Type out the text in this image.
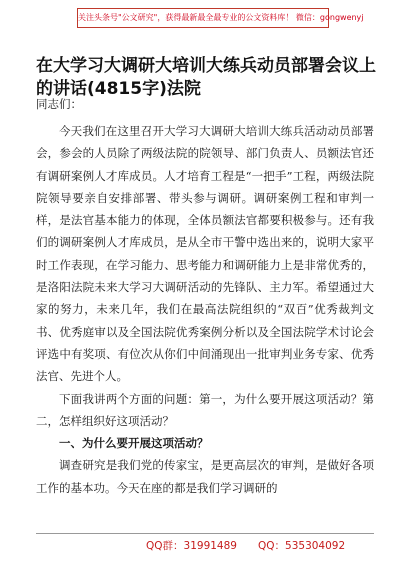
关注头条号"公文研究"，获得最新最全最专业的公文资料库！ 微信：gongwenyj
在大学习大调研大培训大练兵动员部署会议上的讲话(4815字)法院
同志们：

今天我们在这里召开大学习大调研大培训大练兵活动动员部署会，参会的人员除了两级法院的院领导、部门负责人、员额法官还有调研案例人才库成员。人才培育工程是“一把手”工程，两级法院院领导要亲自安排部署、带头参与调研。调研案例工程和审判一样，是法官基本能力的体现，全体员额法官都要积极参与。还有我们的调研案例人才库成员，是从全市干警中选出来的，说明大家平时工作表现，在学习能力、思考能力和调研能力上是非常优秀的，是洛阳法院未来大学习大调研活动的先锋队、主力军。希望通过大家的努力，未来几年，我们在最高法院组织的“双百”优秀裁判文书、优秀庭审以及全国法院优秀案例分析以及全国法院学术讨论会评选中有奖项、有位次从你们中间涌现出一批审判业务专家、优秀法官、先进个人。

下面我讲两个方面的问题：第一，为什么要开展这项活动？第二，怎样组织好这项活动？

一、为什么要开展这项活动？

调查研究是我们党的传家宝，是更高层次的审判，是做好各项工作的基本功。今天在座的都是我们学习调研的

QQ群：31991489 QQ：535304092
